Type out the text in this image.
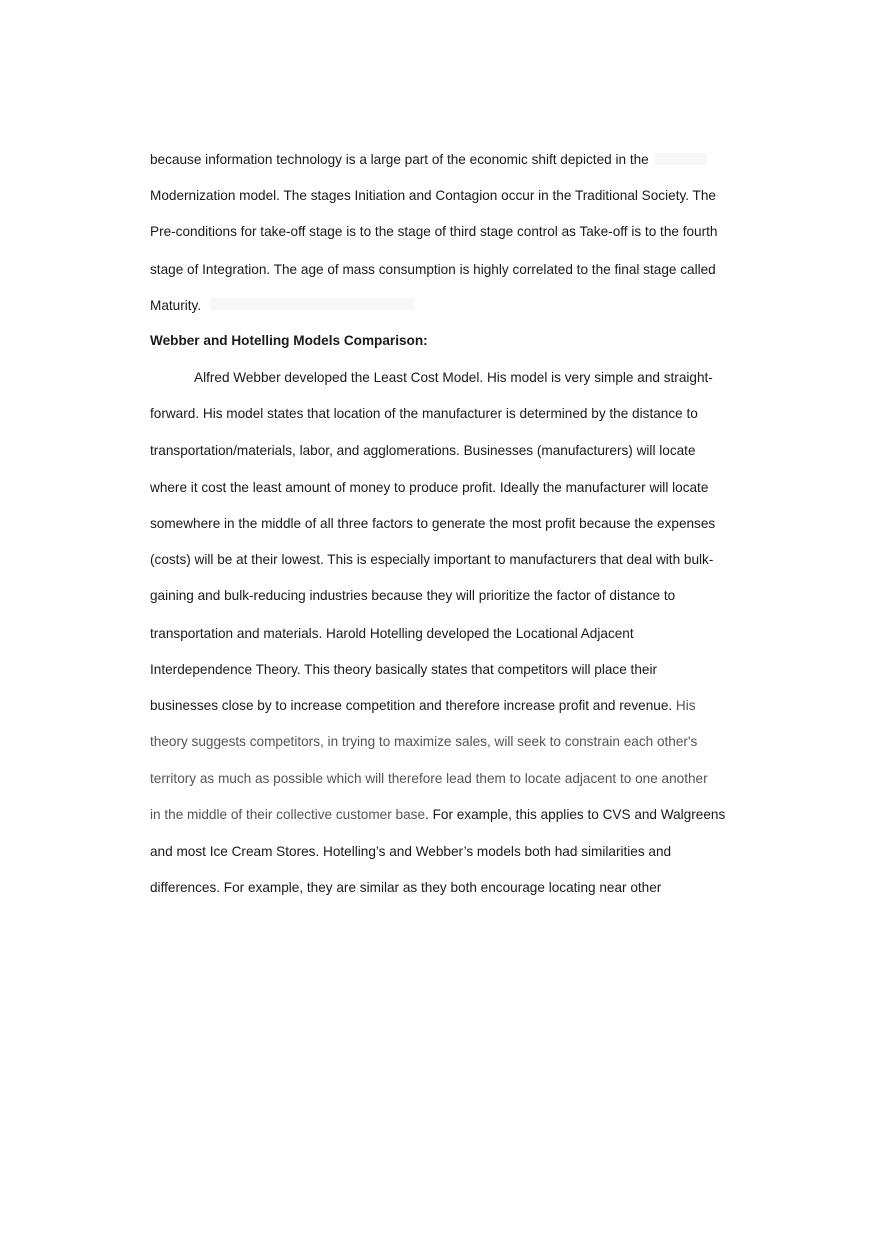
because information technology is a large part of the economic shift depicted in the
Modernization model. The stages Initiation and Contagion occur in the Traditional Society. The
Pre-conditions for take-off stage is to the stage of third stage control as Take-off is to the fourth
stage of Integration. The age of mass consumption is highly correlated to the final stage called
Maturity.
Webber and Hotelling Models Comparison:
Alfred Webber developed the Least Cost Model. His model is very simple and straight-
forward. His model states that location of the manufacturer is determined by the distance to
transportation/materials, labor, and agglomerations. Businesses (manufacturers) will locate
where it cost the least amount of money to produce profit. Ideally the manufacturer will locate
somewhere in the middle of all three factors to generate the most profit because the expenses
(costs) will be at their lowest. This is especially important to manufacturers that deal with bulk-
gaining and bulk-reducing industries because they will prioritize the factor of distance to
transportation and materials. Harold Hotelling developed the Locational Adjacent
Interdependence Theory. This theory basically states that competitors will place their
businesses close by to increase competition and therefore increase profit and revenue. His
theory suggests competitors, in trying to maximize sales, will seek to constrain each other's
territory as much as possible which will therefore lead them to locate adjacent to one another
in the middle of their collective customer base. For example, this applies to CVS and Walgreens
and most Ice Cream Stores. Hotelling’s and Webber’s models both had similarities and
differences. For example, they are similar as they both encourage locating near other
